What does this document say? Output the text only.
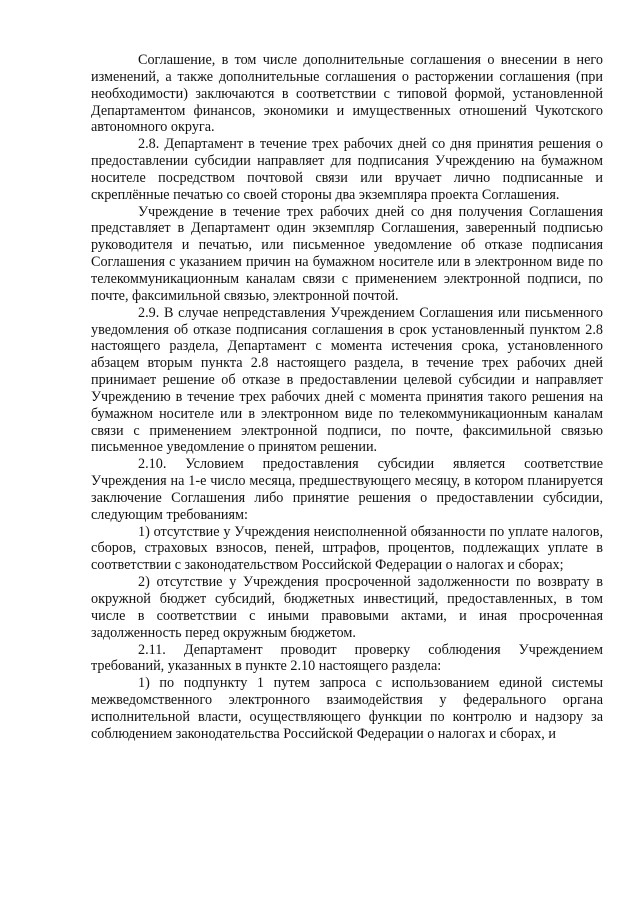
Соглашение, в том числе дополнительные соглашения о внесении в него изменений, а также дополнительные соглашения о расторжении соглашения (при необходимости) заключаются в соответствии с типовой формой, установленной Департаментом финансов, экономики и имущественных отношений Чукотского автономного округа.

2.8. Департамент в течение трех рабочих дней со дня принятия решения о предоставлении субсидии направляет для подписания Учреждению на бумажном носителе посредством почтовой связи или вручает лично подписанные и скреплённые печатью со своей стороны два экземпляра проекта Соглашения.

Учреждение в течение трех рабочих дней со дня получения Соглашения представляет в Департамент один экземпляр Соглашения, заверенный подписью руководителя и печатью, или письменное уведомление об отказе подписания Соглашения с указанием причин на бумажном носителе или в электронном виде по телекоммуникационным каналам связи с применением электронной подписи, по почте, факсимильной связью, электронной почтой.

2.9. В случае непредставления Учреждением Соглашения или письменного уведомления об отказе подписания соглашения в срок установленный пунктом 2.8 настоящего раздела, Департамент с момента истечения срока, установленного абзацем вторым пункта 2.8 настоящего раздела, в течение трех рабочих дней принимает решение об отказе в предоставлении целевой субсидии и направляет Учреждению в течение трех рабочих дней с момента принятия такого решения на бумажном носителе или в электронном виде по телекоммуникационным каналам связи с применением электронной подписи, по почте, факсимильной связью письменное уведомление о принятом решении.

2.10. Условием предоставления субсидии является соответствие Учреждения на 1-е число месяца, предшествующего месяцу, в котором планируется заключение Соглашения либо принятие решения о предоставлении субсидии, следующим требованиям:

1) отсутствие у Учреждения неисполненной обязанности по уплате налогов, сборов, страховых взносов, пеней, штрафов, процентов, подлежащих уплате в соответствии с законодательством Российской Федерации о налогах и сборах;

2) отсутствие у Учреждения просроченной задолженности по возврату в окружной бюджет субсидий, бюджетных инвестиций, предоставленных, в том числе в соответствии с иными правовыми актами, и иная просроченная задолженность перед окружным бюджетом.

2.11. Департамент проводит проверку соблюдения Учреждением требований, указанных в пункте 2.10 настоящего раздела:

1) по подпункту 1 путем запроса с использованием единой системы межведомственного электронного взаимодействия у федерального органа исполнительной власти, осуществляющего функции по контролю и надзору за соблюдением законодательства Российской Федерации о налогах и сборах, и
